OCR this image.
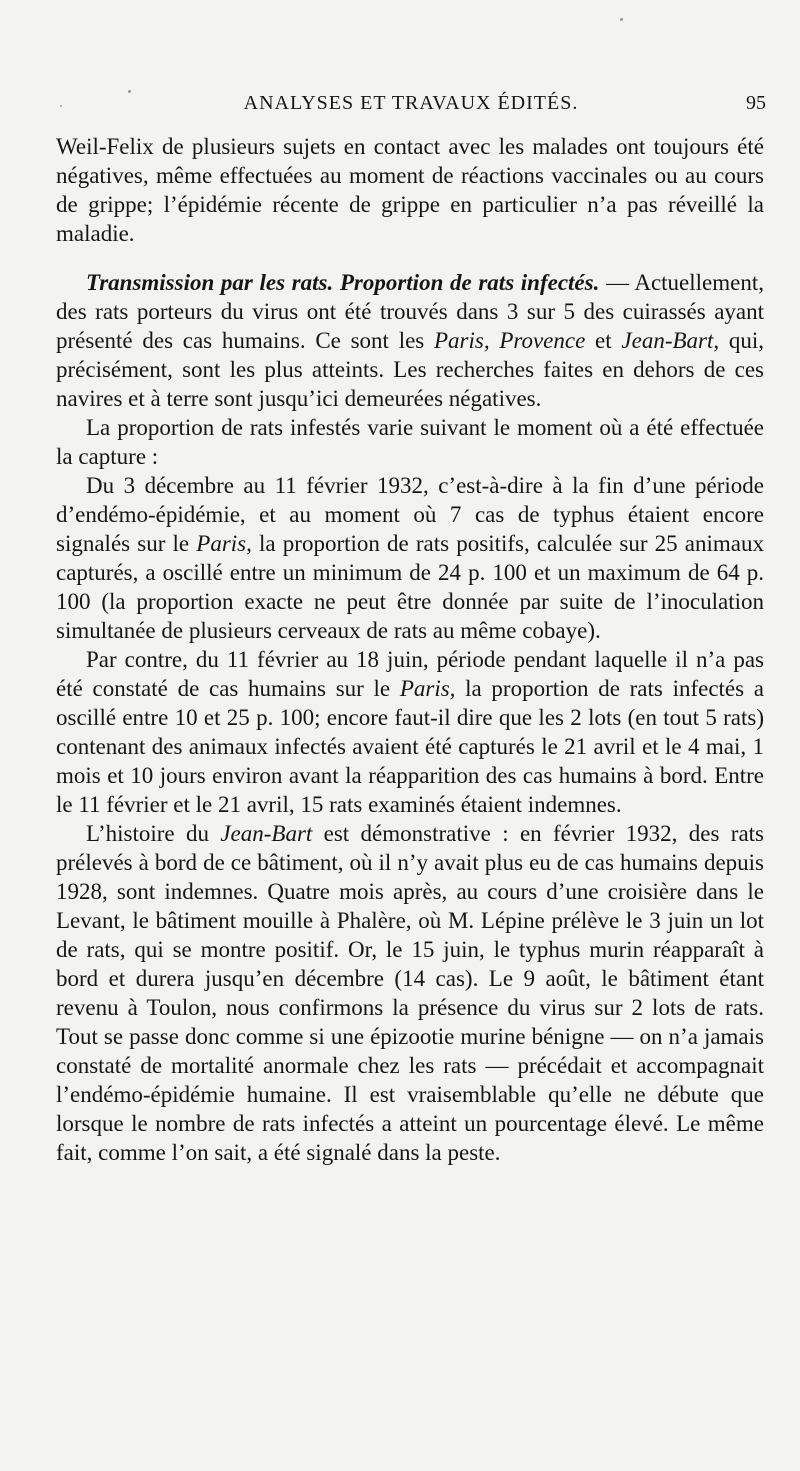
ANALYSES ET TRAVAUX ÉDITÉS.	95

Weil-Felix de plusieurs sujets en contact avec les malades ont toujours été négatives, même effectuées au moment de réactions vaccinales ou au cours de grippe; l’épidémie récente de grippe en particulier n’a pas réveillé la maladie.

Transmission par les rats. Proportion de rats infectés. — Actuellement, des rats porteurs du virus ont été trouvés dans 3 sur 5 des cuirassés ayant présenté des cas humains. Ce sont les Paris, Provence et Jean-Bart, qui, précisément, sont les plus atteints. Les recherches faites en dehors de ces navires et à terre sont jusqu’ici demeurées négatives.

La proportion de rats infestés varie suivant le moment où a été effectuée la capture :

Du 3 décembre au 11 février 1932, c’est-à-dire à la fin d’une période d’endémo-épidémie, et au moment où 7 cas de typhus étaient encore signalés sur le Paris, la proportion de rats positifs, calculée sur 25 animaux capturés, a oscillé entre un minimum de 24 p. 100 et un maximum de 64 p. 100 (la proportion exacte ne peut être donnée par suite de l’inoculation simultanée de plusieurs cerveaux de rats au même cobaye).

Par contre, du 11 février au 18 juin, période pendant laquelle il n’a pas été constaté de cas humains sur le Paris, la proportion de rats infectés a oscillé entre 10 et 25 p. 100; encore faut-il dire que les 2 lots (en tout 5 rats) contenant des animaux infectés avaient été capturés le 21 avril et le 4 mai, 1 mois et 10 jours environ avant la réapparition des cas humains à bord. Entre le 11 février et le 21 avril, 15 rats examinés étaient indemnes.

L’histoire du Jean-Bart est démonstrative : en février 1932, des rats prélevés à bord de ce bâtiment, où il n’y avait plus eu de cas humains depuis 1928, sont indemnes. Quatre mois après, au cours d’une croisière dans le Levant, le bâtiment mouille à Phalère, où M. Lépine prélève le 3 juin un lot de rats, qui se montre positif. Or, le 15 juin, le typhus murin réapparaît à bord et durera jusqu’en décembre (14 cas). Le 9 août, le bâtiment étant revenu à Toulon, nous confirmons la présence du virus sur 2 lots de rats. Tout se passe donc comme si une épizootie murine bénigne — on n’a jamais constaté de mortalité anormale chez les rats — précédait et accompagnait l’endémo-épidémie humaine. Il est vraisemblable qu’elle ne débute que lorsque le nombre de rats infectés a atteint un pourcentage élevé. Le même fait, comme l’on sait, a été signalé dans la peste.
